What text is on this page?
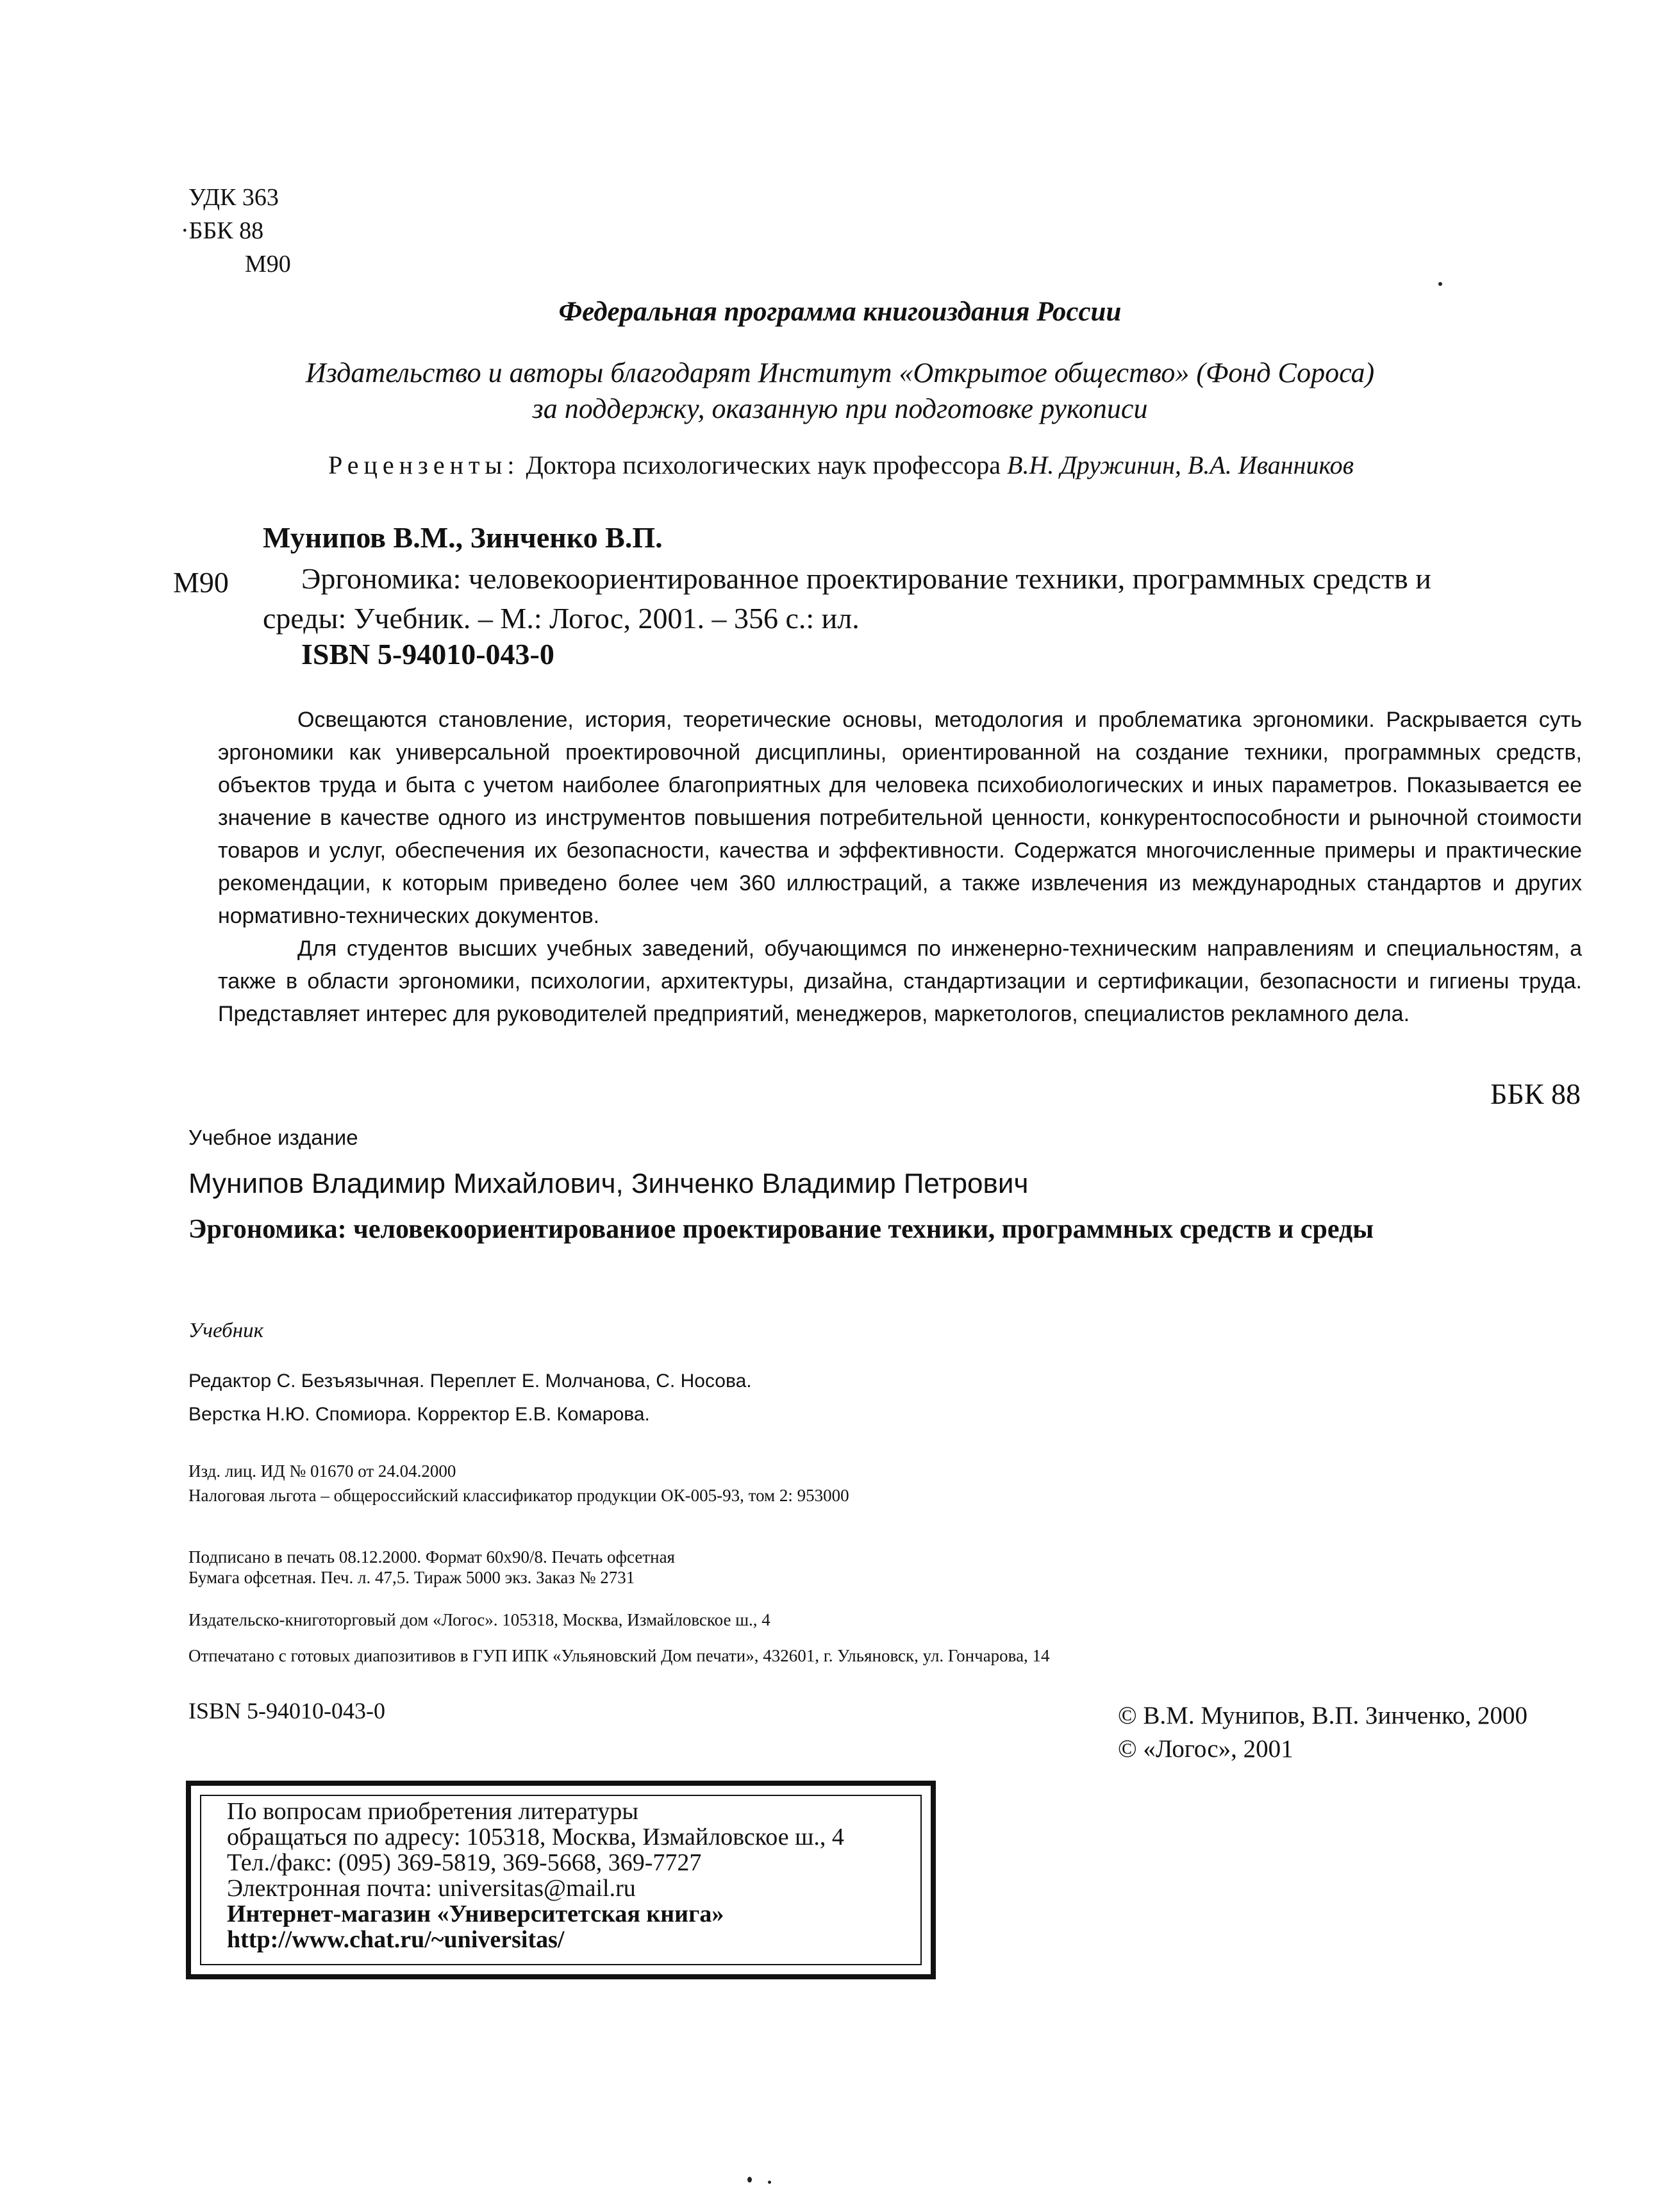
УДК 363
·ББК 88
М90
Федеральная программа книгоиздания России
Издательство и авторы благодарят Институт «Открытое общество» (Фонд Сороса)
за поддержку, оказанную при подготовке рукописи
Рецензенты: Доктора психологических наук профессора В.Н. Дружинин, В.А. Иванников
Мунипов В.М., Зинченко В.П.
М90 Эргономика: человекоориентированное проектирование техники, программных средств и
среды: Учебник. – М.: Логос, 2001. – 356 с.: ил.
ISBN 5-94010-043-0

Освещаются становление, история, теоретические основы, методология и проблематика эргономики. Раскрывается суть эргономики как универсальной проектировочной дисциплины, ориентированной на создание техники, программных средств, объектов труда и быта с учетом наиболее благоприятных для человека психобиологических и иных параметров. Показывается ее значение в качестве одного из инструментов повышения потребительной ценности, конкурентоспособности и рыночной стоимости товаров и услуг, обеспечения их безопасности, качества и эффективности. Содержатся многочисленные примеры и практические рекомендации, к которым приведено более чем 360 иллюстраций, а также извлечения из международных стандартов и других нормативно-технических документов.

Для студентов высших учебных заведений, обучающимся по инженерно-техническим направлениям и специальностям, а также в области эргономики, психологии, архитектуры, дизайна, стандартизации и сертификации, безопасности и гигиены труда. Представляет интерес для руководителей предприятий, менеджеров, маркетологов, специалистов рекламного дела.

ББК 88
Учебное издание
Мунипов Владимир Михайлович, Зинченко Владимир Петрович
Эргономика: человекоориентированиое проектирование техники, программных средств и среды
Учебник
Редактор С. Безъязычная. Переплет Е. Молчанова, С. Носова.
Верстка Н.Ю. Спомиора. Корректор Е.В. Комарова.
Изд. лиц. ИД № 01670 от 24.04.2000
Налоговая льгота – общероссийский классификатор продукции ОК-005-93, том 2: 953000
Подписано в печать 08.12.2000. Формат 60х90/8. Печать офсетная
Бумага офсетная. Печ. л. 47,5. Тираж 5000 экз. Заказ № 2731
Издательско-книготорговый дом «Логос». 105318, Москва, Измайловское ш., 4
Отпечатано с готовых диапозитивов в ГУП ИПК «Ульяновский Дом печати», 432601, г. Ульяновск, ул. Гончарова, 14
ISBN 5-94010-043-0	© В.М. Мунипов, В.П. Зинченко, 2000
© «Логос», 2001
По вопросам приобретения литературы
обращаться по адресу: 105318, Москва, Измайловское ш., 4
Тел./факс: (095) 369-5819, 369-5668, 369-7727
Электронная почта: universitas@mail.ru
Интернет-магазин «Университетская книга»
http://www.chat.ru/~universitas/
